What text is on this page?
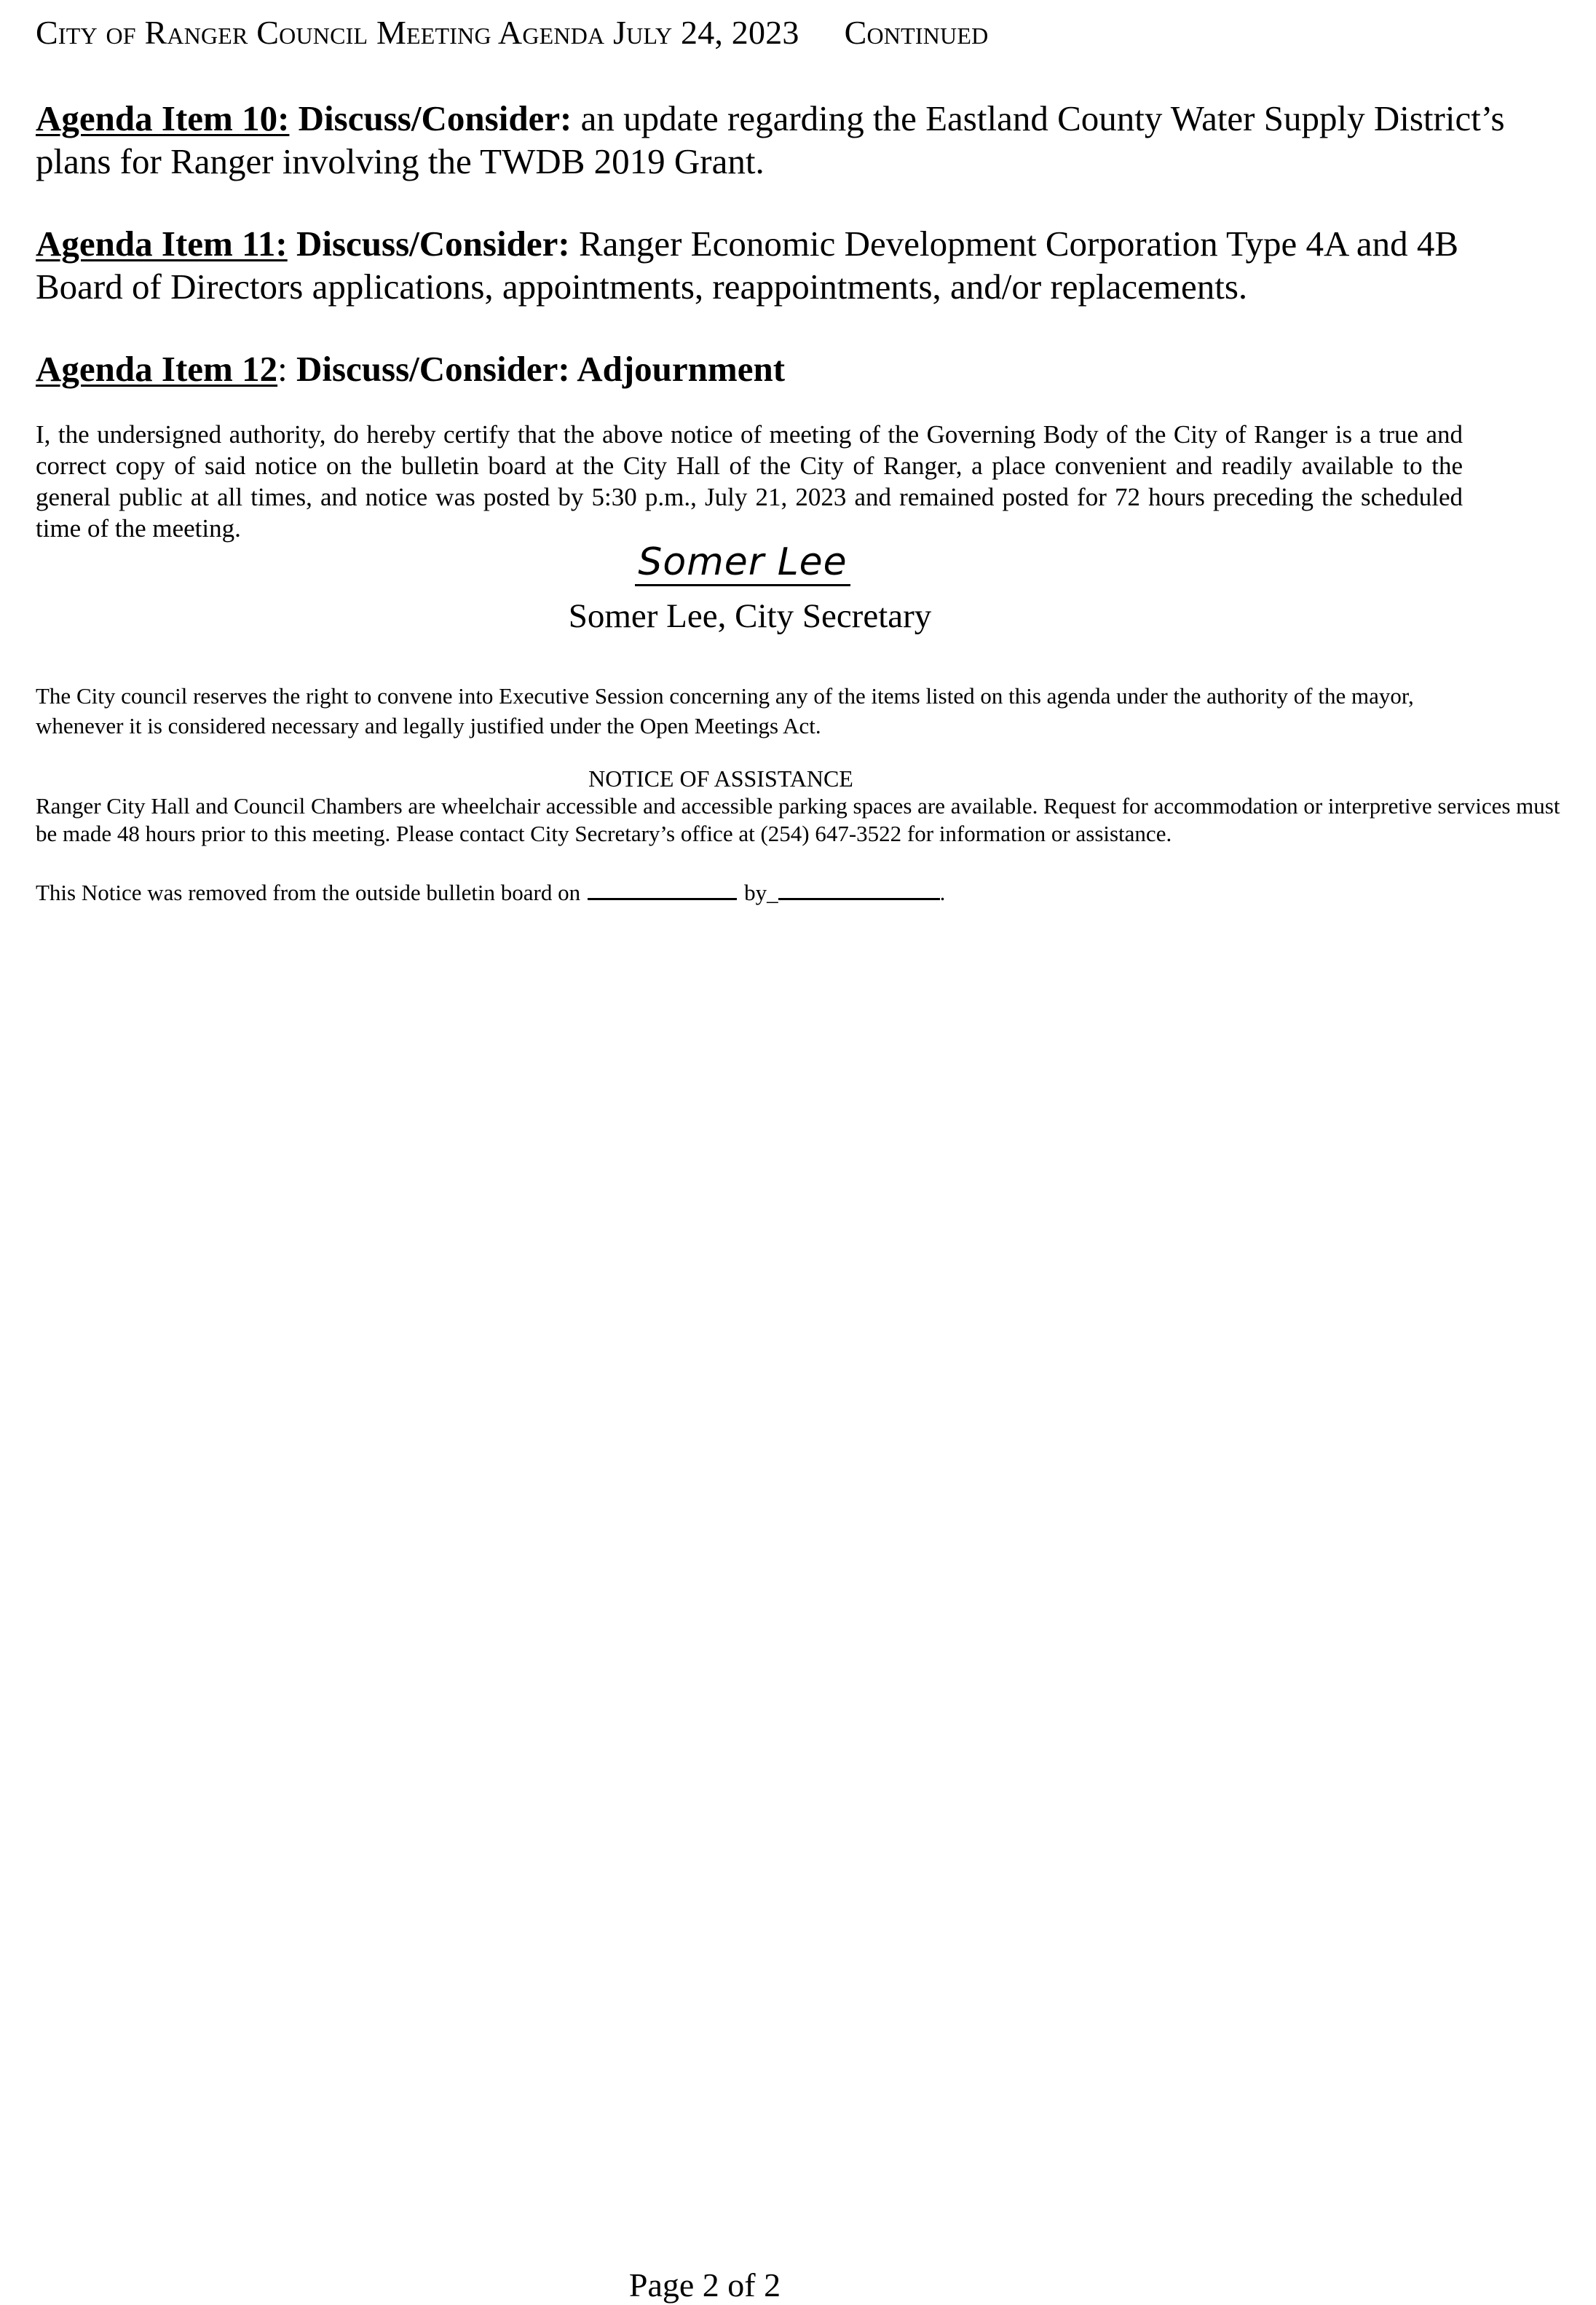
City of Ranger Council Meeting Agenda July 24, 2023 Continued
Agenda Item 10: Discuss/Consider: an update regarding the Eastland County Water Supply District’s plans for Ranger involving the TWDB 2019 Grant.
Agenda Item 11: Discuss/Consider: Ranger Economic Development Corporation Type 4A and 4B Board of Directors applications, appointments, reappointments, and/or replacements.
Agenda Item 12: Discuss/Consider: Adjournment
I, the undersigned authority, do hereby certify that the above notice of meeting of the Governing Body of the City of Ranger is a true and correct copy of said notice on the bulletin board at the City Hall of the City of Ranger, a place convenient and readily available to the general public at all times, and notice was posted by 5:30 p.m., July 21, 2023 and remained posted for 72 hours preceding the scheduled time of the meeting.
Somer Lee
Somer Lee, City Secretary
The City council reserves the right to convene into Executive Session concerning any of the items listed on this agenda under the authority of the mayor, whenever it is considered necessary and legally justified under the Open Meetings Act.
NOTICE OF ASSISTANCE
Ranger City Hall and Council Chambers are wheelchair accessible and accessible parking spaces are available. Request for accommodation or interpretive services must be made 48 hours prior to this meeting. Please contact City Secretary’s office at (254) 647-3522 for information or assistance.
This Notice was removed from the outside bulletin board on	by_	.
Page 2 of 2
